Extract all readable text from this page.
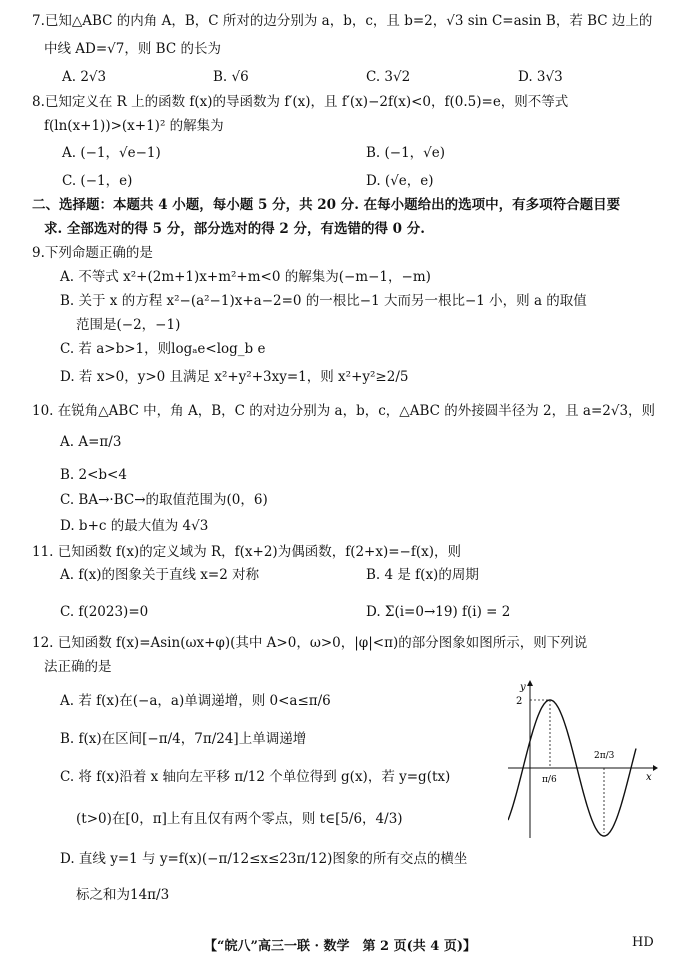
7.已知△ABC 的内角 A，B，C 所对的边分别为 a，b，c，且 b=2，√3 sin C=asin B，若 BC 边上的
中线 AD=√7，则 BC 的长为
A. 2√3	B. √6	C. 3√2	D. 3√3
8.已知定义在 R 上的函数 f(x)的导函数为 f′(x)，且 f′(x)−2f(x)<0，f(0.5)=e，则不等式
f(ln(x+1))>(x+1)² 的解集为
A. (−1，√e−1)	B. (−1，√e)
C. (−1，e)	D. (√e，e)
二、选择题：本题共 4 小题，每小题 5 分，共 20 分. 在每小题给出的选项中，有多项符合题目要
求. 全部选对的得 5 分，部分选对的得 2 分，有选错的得 0 分.
9.下列命题正确的是
A. 不等式 x²+(2m+1)x+m²+m<0 的解集为(−m−1，−m)
B. 关于 x 的方程 x²−(a²−1)x+a−2=0 的一根比−1 大而另一根比−1 小，则 a 的取值
范围是(−2，−1)
C. 若 a>b>1，则logₐe<log_b e
D. 若 x>0，y>0 且满足 x²+y²+3xy=1，则 x²+y²≥2/5
10. 在锐角△ABC 中，角 A，B，C 的对边分别为 a，b，c，△ABC 的外接圆半径为 2，且 a=2√3，则
A. A=π/3
B. 2<b<4
C. BA→·BC→的取值范围为(0，6)
D. b+c 的最大值为 4√3
11. 已知函数 f(x)的定义域为 R，f(x+2)为偶函数，f(2+x)=−f(x)，则
A. f(x)的图象关于直线 x=2 对称	B. 4 是 f(x)的周期
C. f(2023)=0	D. Σ(i=0→19) f(i) = 2
12. 已知函数 f(x)=Asin(ωx+φ)(其中 A>0，ω>0，|φ|<π)的部分图象如图所示，则下列说
法正确的是
A. 若 f(x)在(−a，a)单调递增，则 0<a≤π/6
B. f(x)在区间[−π/4，7π/24]上单调递增
C. 将 f(x)沿着 x 轴向左平移 π/12 个单位得到 g(x)，若 y=g(tx)
(t>0)在[0，π]上有且仅有两个零点，则 t∈[5/6，4/3)
D. 直线 y=1 与 y=f(x)(−π/12≤x≤23π/12)图象的所有交点的横坐
标之和为14π/3
y
x
2
π/6
2π/3
【“皖八”高三一联 · 数学　第 2 页(共 4 页)】	HD
